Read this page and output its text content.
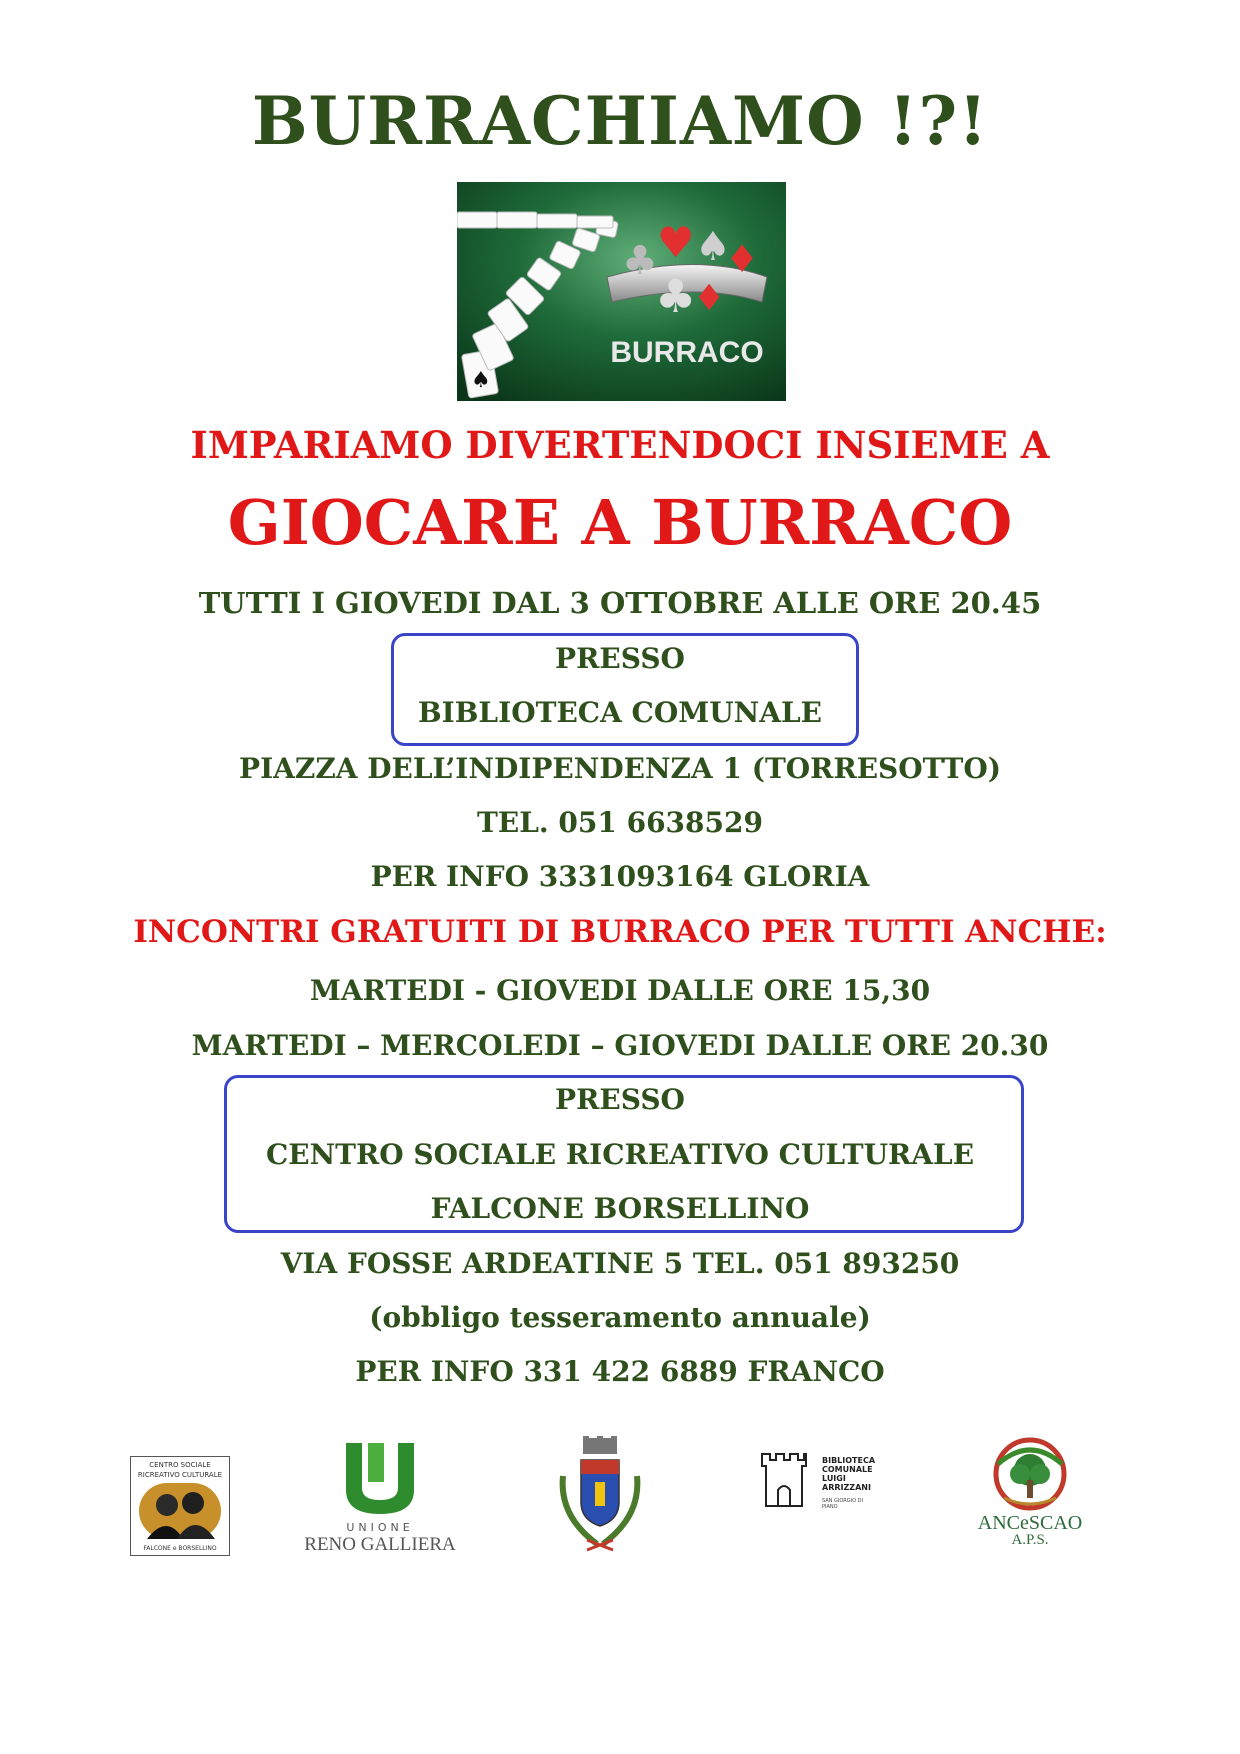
BURRACHIAMO !?!
♠
♣ ♥ ♠
♦
♣
♦
BURRACO
IMPARIAMO DIVERTENDOCI INSIEME A
GIOCARE A BURRACO
TUTTI I GIOVEDI DAL 3 OTTOBRE ALLE ORE 20.45
PRESSO
BIBLIOTECA COMUNALE
PIAZZA DELL’INDIPENDENZA 1 (TORRESOTTO)
TEL. 051 6638529
PER INFO 3331093164 GLORIA
INCONTRI GRATUITI DI BURRACO PER TUTTI ANCHE:
MARTEDI - GIOVEDI DALLE ORE 15,30
MARTEDI – MERCOLEDI – GIOVEDI DALLE ORE 20.30
PRESSO
CENTRO SOCIALE RICREATIVO CULTURALE
FALCONE BORSELLINO
VIA FOSSE ARDEATINE 5 TEL. 051 893250
(obbligo tesseramento annuale)
PER INFO 331 422 6889 FRANCO
CENTRO SOCIALE
RICREATIVO CULTURALE
FALCONE e BORSELLINO
UNIONE
RENO GALLIERA
BIBLIOTECA
COMUNALE
LUIGI
ARRIZZANI
SAN GIORGIO DI
PIANO
ANCeSCAO
A.P.S.
